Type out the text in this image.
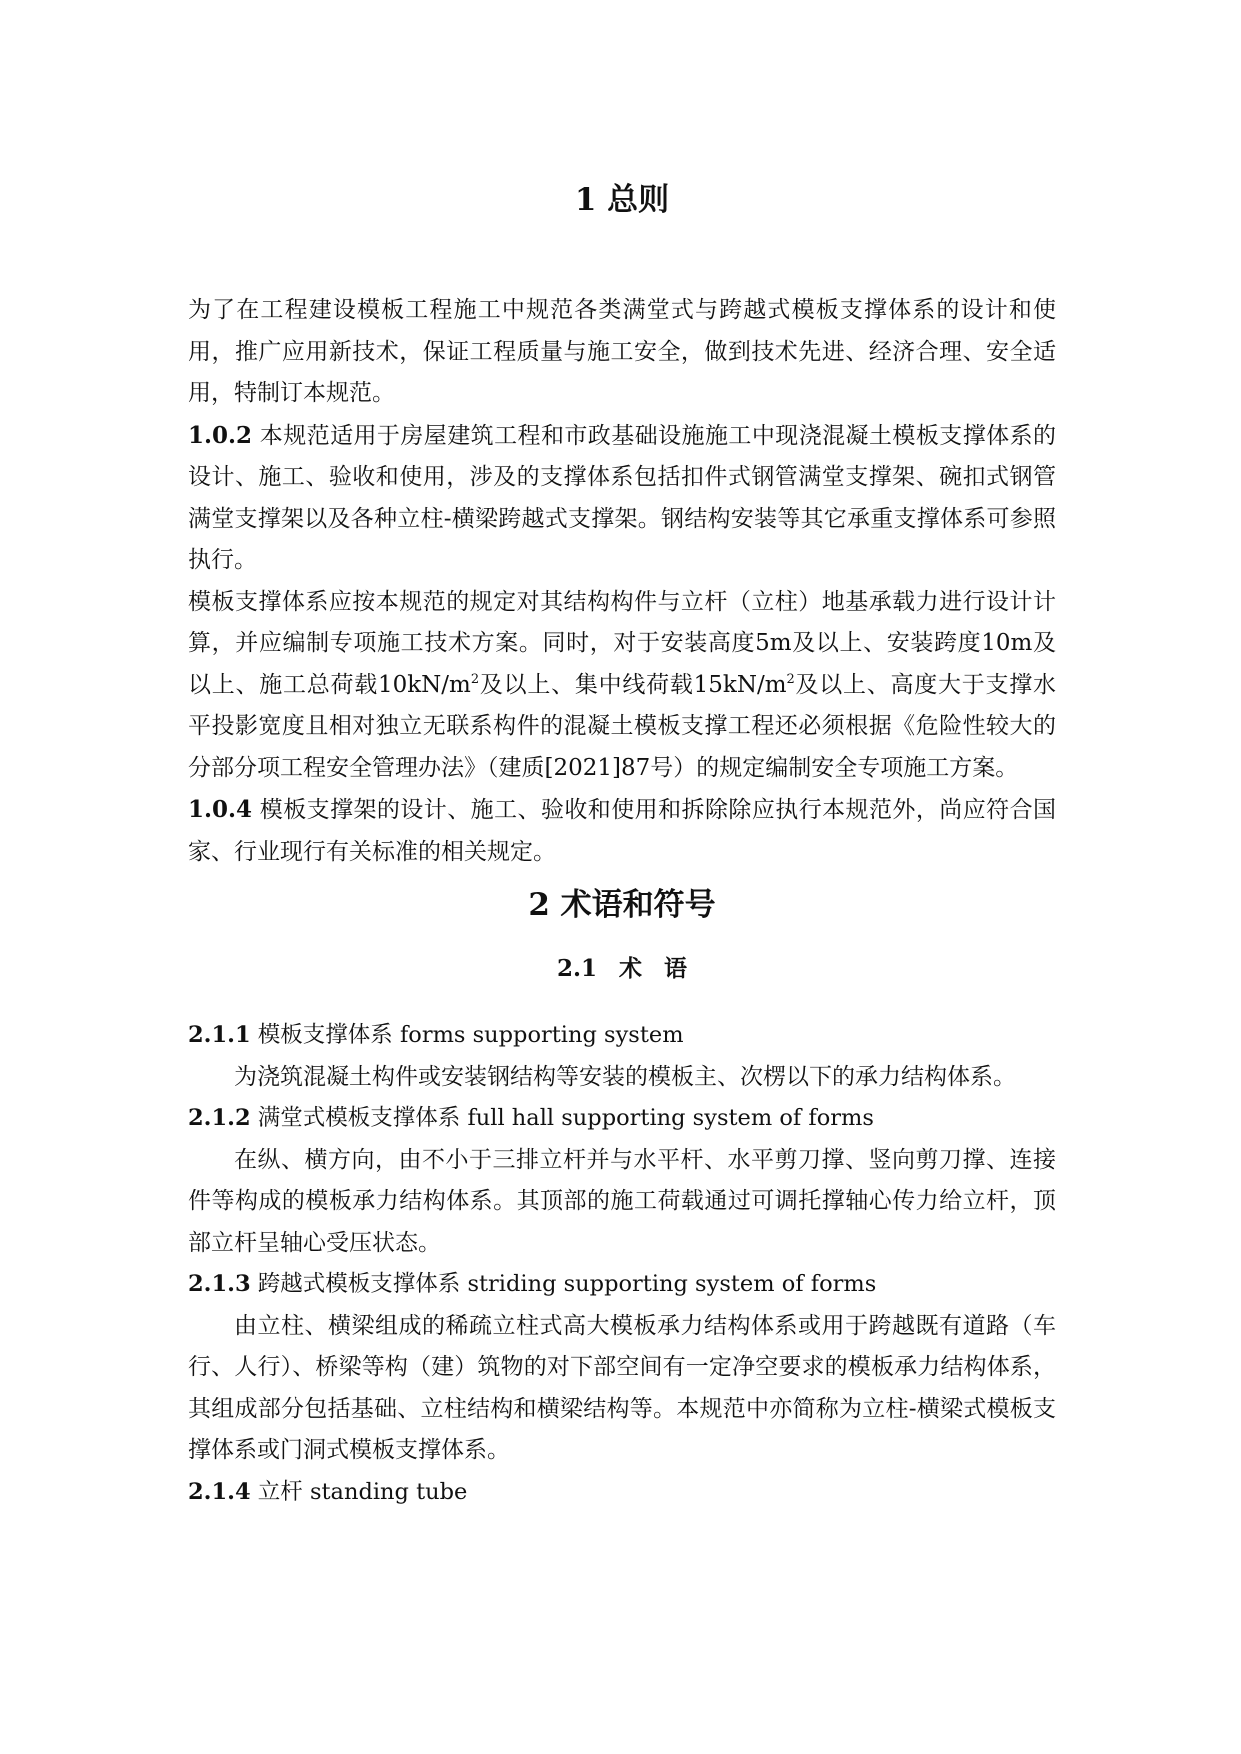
1 总则

为了在工程建设模板工程施工中规范各类满堂式与跨越式模板支撑体系的设计和使用，推广应用新技术，保证工程质量与施工安全，做到技术先进、经济合理、安全适用，特制订本规范。

1.0.2 本规范适用于房屋建筑工程和市政基础设施施工中现浇混凝土模板支撑体系的设计、施工、验收和使用，涉及的支撑体系包括扣件式钢管满堂支撑架、碗扣式钢管满堂支撑架以及各种立柱-横梁跨越式支撑架。钢结构安装等其它承重支撑体系可参照执行。

模板支撑体系应按本规范的规定对其结构构件与立杆（立柱）地基承载力进行设计计算，并应编制专项施工技术方案。同时，对于安装高度5m及以上、安装跨度10m及以上、施工总荷载$10kN/m^2$及以上、集中线荷载$15kN/m^2$及以上、高度大于支撑水平投影宽度且相对独立无联系构件的混凝土模板支撑工程还必须根据《危险性较大的分部分项工程安全管理办法》（建质[2021]87号）的规定编制安全专项施工方案。

1.0.4 模板支撑架的设计、施工、验收和使用和拆除除应执行本规范外，尚应符合国家、行业现行有关标准的相关规定。

2 术语和符号
2.1 术 语

2.1.1 模板支撑体系 forms supporting system

为浇筑混凝土构件或安装钢结构等安装的模板主、次楞以下的承力结构体系。

2.1.2 满堂式模板支撑体系 full hall supporting system of forms

在纵、横方向，由不小于三排立杆并与水平杆、水平剪刀撑、竖向剪刀撑、连接件等构成的模板承力结构体系。其顶部的施工荷载通过可调托撑轴心传力给立杆，顶部立杆呈轴心受压状态。

2.1.3 跨越式模板支撑体系 striding supporting system of forms

由立柱、横梁组成的稀疏立柱式高大模板承力结构体系或用于跨越既有道路（车行、人行）、桥梁等构（建）筑物的对下部空间有一定净空要求的模板承力结构体系，其组成部分包括基础、立柱结构和横梁结构等。本规范中亦简称为立柱-横梁式模板支撑体系或门洞式模板支撑体系。

2.1.4 立杆 standing tube
